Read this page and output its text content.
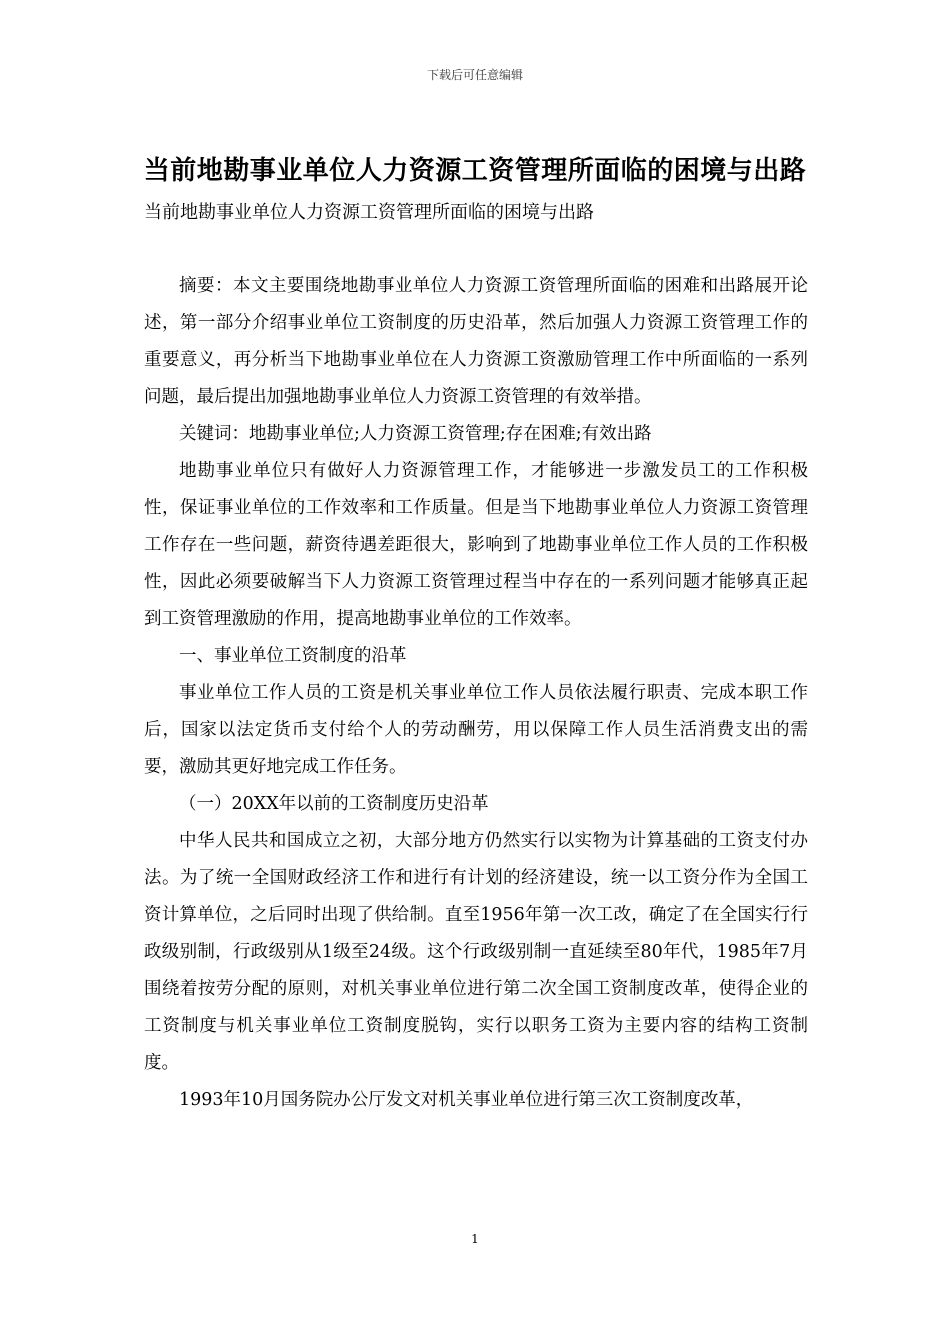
下载后可任意编辑
当前地勘事业单位人力资源工资管理所面临的困境与出路
当前地勘事业单位人力资源工资管理所面临的困境与出路

摘要：本文主要围绕地勘事业单位人力资源工资管理所面临的困难和出路展开论述，第一部分介绍事业单位工资制度的历史沿革，然后加强人力资源工资管理工作的重要意义，再分析当下地勘事业单位在人力资源工资激励管理工作中所面临的一系列问题，最后提出加强地勘事业单位人力资源工资管理的有效举措。

关键词：地勘事业单位;人力资源工资管理;存在困难;有效出路

地勘事业单位只有做好人力资源管理工作，才能够进一步激发员工的工作积极性，保证事业单位的工作效率和工作质量。但是当下地勘事业单位人力资源工资管理工作存在一些问题，薪资待遇差距很大，影响到了地勘事业单位工作人员的工作积极性，因此必须要破解当下人力资源工资管理过程当中存在的一系列问题才能够真正起到工资管理激励的作用，提高地勘事业单位的工作效率。

一、事业单位工资制度的沿革

事业单位工作人员的工资是机关事业单位工作人员依法履行职责、完成本职工作后，国家以法定货币支付给个人的劳动酬劳，用以保障工作人员生活消费支出的需要，激励其更好地完成工作任务。

（一）20XX年以前的工资制度历史沿革

中华人民共和国成立之初，大部分地方仍然实行以实物为计算基础的工资支付办法。为了统一全国财政经济工作和进行有计划的经济建设，统一以工资分作为全国工资计算单位，之后同时出现了供给制。直至1956年第一次工改，确定了在全国实行行政级别制，行政级别从1级至24级。这个行政级别制一直延续至80年代，1985年7月围绕着按劳分配的原则，对机关事业单位进行第二次全国工资制度改革，使得企业的工资制度与机关事业单位工资制度脱钩，实行以职务工资为主要内容的结构工资制度。

1993年10月国务院办公厅发文对机关事业单位进行第三次工资制度改革，

1
